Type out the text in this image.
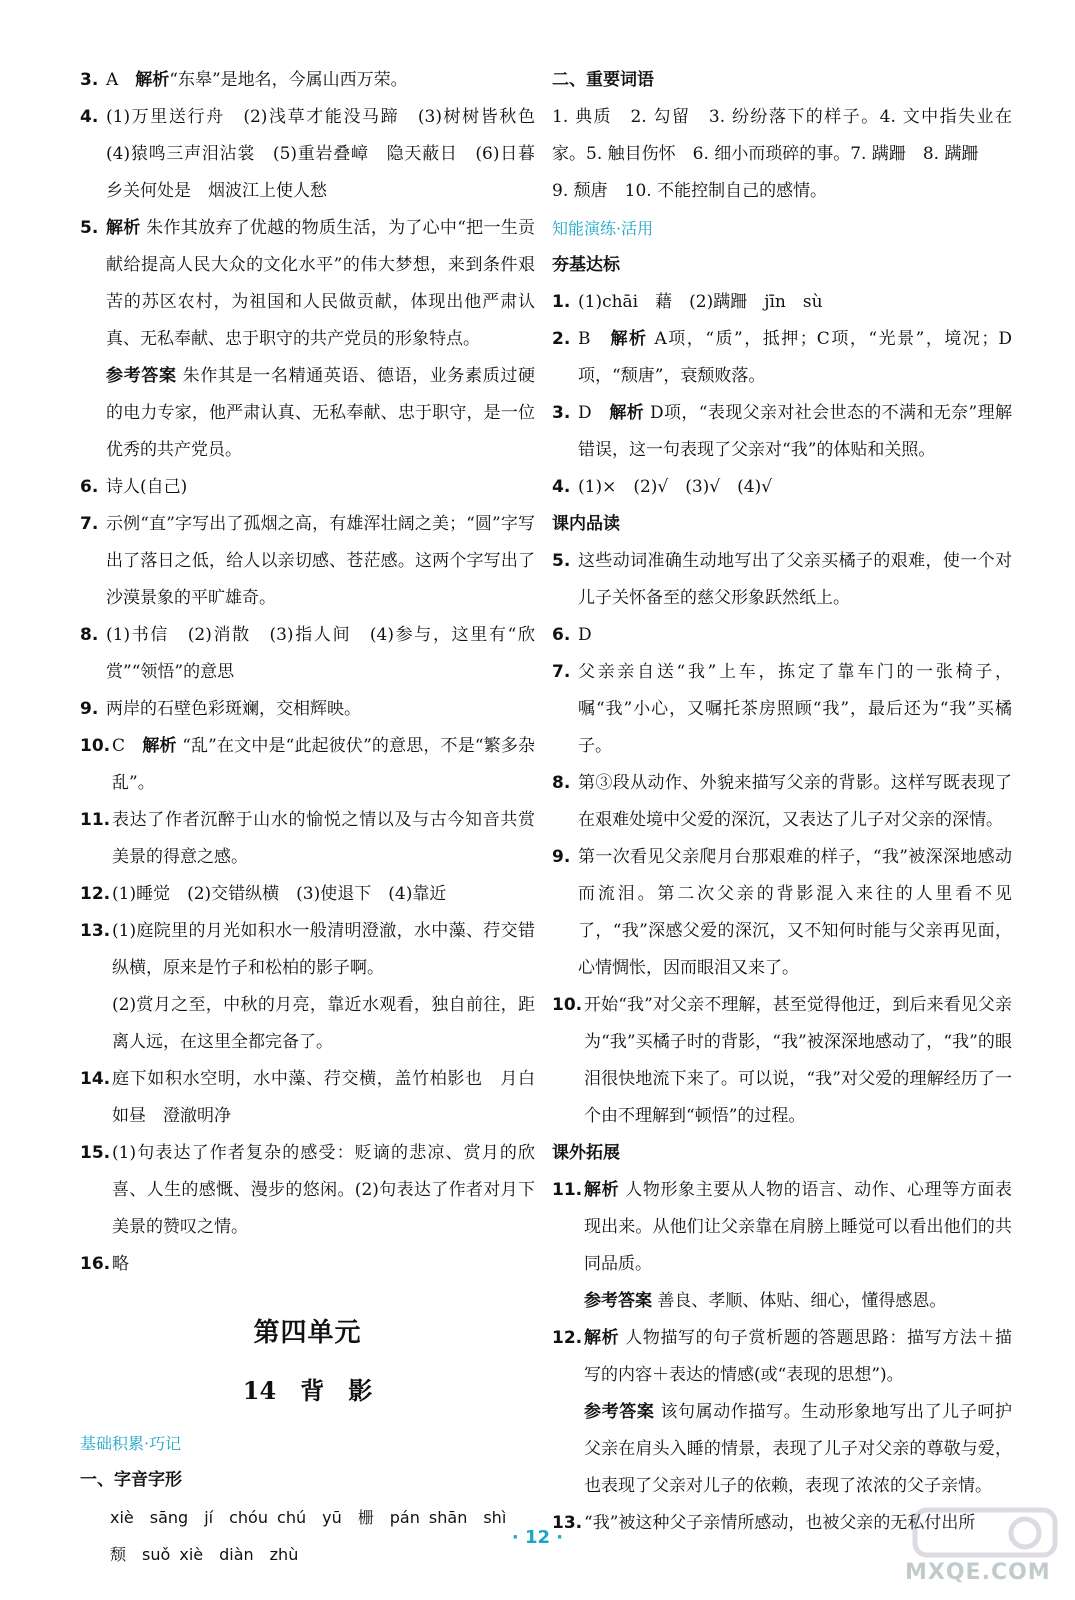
3. A　解析“东皋”是地名，今属山西万荣。
4. (1)万里送行舟　(2)浅草才能没马蹄　(3)树树皆秋色　(4)猿鸣三声泪沾裳　(5)重岩叠嶂　隐天蔽日　(6)日暮乡关何处是　烟波江上使人愁
5. 解析 朱作其放弃了优越的物质生活，为了心中“把一生贡献给提高人民大众的文化水平”的伟大梦想，来到条件艰苦的苏区农村，为祖国和人民做贡献，体现出他严肃认真、无私奉献、忠于职守的共产党员的形象特点。
参考答案 朱作其是一名精通英语、德语，业务素质过硬的电力专家，他严肃认真、无私奉献、忠于职守，是一位优秀的共产党员。
6. 诗人(自己)
7. 示例“直”字写出了孤烟之高，有雄浑壮阔之美；“圆”字写出了落日之低，给人以亲切感、苍茫感。这两个字写出了沙漠景象的平旷雄奇。
8. (1)书信　(2)消散　(3)指人间　(4)参与，这里有“欣赏”“领悟”的意思
9. 两岸的石壁色彩斑斓，交相辉映。
10. C　解析 “乱”在文中是“此起彼伏”的意思，不是“繁多杂乱”。
11. 表达了作者沉醉于山水的愉悦之情以及与古今知音共赏美景的得意之感。
12. (1)睡觉　(2)交错纵横　(3)使退下　(4)靠近
13. (1)庭院里的月光如积水一般清明澄澈，水中藻、荇交错纵横，原来是竹子和松柏的影子啊。
(2)赏月之至，中秋的月亮，靠近水观看，独自前往，距离人远，在这里全都完备了。
14. 庭下如积水空明，水中藻、荇交横，盖竹柏影也　月白如昼　澄澈明净
15. (1)句表达了作者复杂的感受：贬谪的悲凉、赏月的欣喜、人生的感慨、漫步的悠闲。(2)句表达了作者对月下美景的赞叹之情。
16. 略
第四单元
14　背　影
基础积累·巧记
一、字音字形
xiè　sāng　jí　chóu chú　yū　栅　pán shān　shì
颓　suǒ xiè　diàn　zhù
二、重要词语
1. 典质　2. 勾留　3. 纷纷落下的样子。4. 文中指失业在家。5. 触目伤怀　6. 细小而琐碎的事。7. 蹒跚　8. 蹒跚
9. 颓唐　10. 不能控制自己的感情。
知能演练·活用
夯基达标
1. (1)chāi　藉　(2)蹒跚　jīn　sù
2. B　解析 A项，“质”，抵押；C项，“光景”，境况；D项，“颓唐”，衰颓败落。
3. D　解析 D项，“表现父亲对社会世态的不满和无奈”理解错误，这一句表现了父亲对“我”的体贴和关照。
4. (1)×　(2)√　(3)√　(4)√
课内品读
5. 这些动词准确生动地写出了父亲买橘子的艰难，使一个对儿子关怀备至的慈父形象跃然纸上。
6. D
7. 父亲亲自送“我”上车，拣定了靠车门的一张椅子，嘱“我”小心，又嘱托茶房照顾“我”，最后还为“我”买橘子。
8. 第③段从动作、外貌来描写父亲的背影。这样写既表现了在艰难处境中父爱的深沉，又表达了儿子对父亲的深情。
9. 第一次看见父亲爬月台那艰难的样子，“我”被深深地感动而流泪。第二次父亲的背影混入来往的人里看不见了，“我”深感父爱的深沉，又不知何时能与父亲再见面，心情惆怅，因而眼泪又来了。
10. 开始“我”对父亲不理解，甚至觉得他迂，到后来看见父亲为“我”买橘子时的背影，“我”被深深地感动了，“我”的眼泪很快地流下来了。可以说，“我”对父爱的理解经历了一个由不理解到“顿悟”的过程。
课外拓展
11. 解析 人物形象主要从人物的语言、动作、心理等方面表现出来。从他们让父亲靠在肩膀上睡觉可以看出他们的共同品质。
参考答案 善良、孝顺、体贴、细心，懂得感恩。
12. 解析 人物描写的句子赏析题的答题思路：描写方法＋描写的内容＋表达的情感(或“表现的思想”)。
参考答案 该句属动作描写。生动形象地写出了儿子呵护父亲在肩头入睡的情景，表现了儿子对父亲的尊敬与爱，也表现了父亲对儿子的依赖，表现了浓浓的父子亲情。
13. “我”被这种父子亲情所感动，也被父亲的无私付出所
· 12 ·
MXQE.COM
